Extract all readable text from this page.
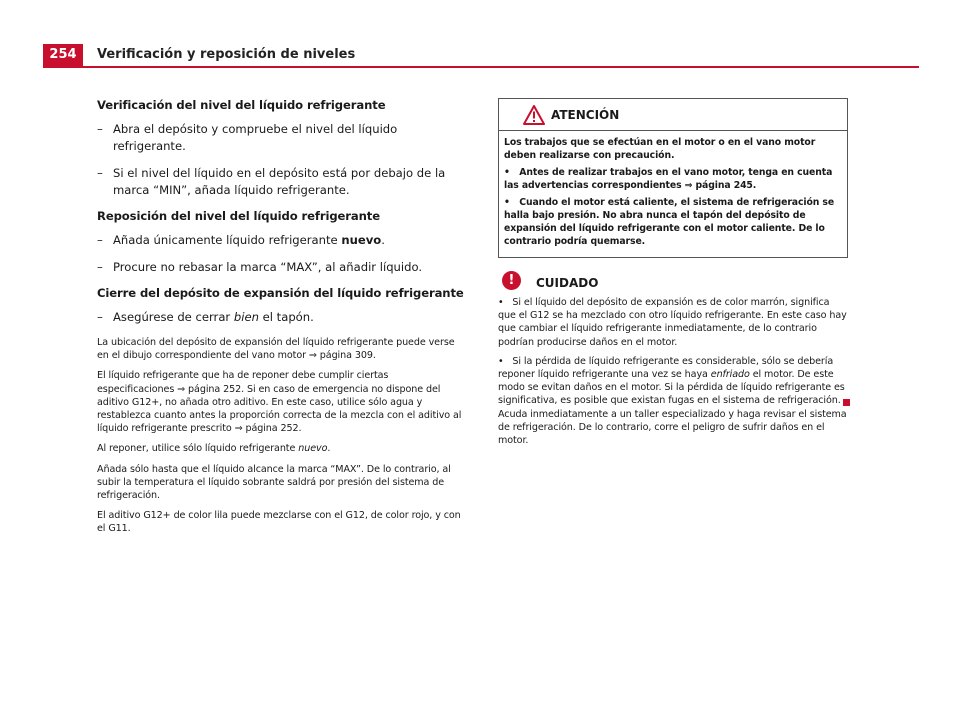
254	Verificación y reposición de niveles
Verificación del nivel del líquido refrigerante
– Abra el depósito y compruebe el nivel del líquido refrigerante.
– Si el nivel del líquido en el depósito está por debajo de la marca “MIN”, añada líquido refrigerante.
Reposición del nivel del líquido refrigerante
– Añada únicamente líquido refrigerante nuevo.
– Procure no rebasar la marca “MAX”, al añadir líquido.
Cierre del depósito de expansión del líquido refrigerante
– Asegúrese de cerrar bien el tapón.

La ubicación del depósito de expansión del líquido refrigerante puede verse en el dibujo correspondiente del vano motor ⇒ página 309.

El líquido refrigerante que ha de reponer debe cumplir ciertas especificaciones ⇒ página 252. Si en caso de emergencia no dispone del aditivo G12+, no añada otro aditivo. En este caso, utilice sólo agua y restablezca cuanto antes la proporción correcta de la mezcla con el aditivo al líquido refrigerante prescrito ⇒ página 252.

Al reponer, utilice sólo líquido refrigerante nuevo.

Añada sólo hasta que el líquido alcance la marca “MAX”. De lo contrario, al subir la temperatura el líquido sobrante saldrá por presión del sistema de refrigeración.

El aditivo G12+ de color lila puede mezclarse con el G12, de color rojo, y con el G11.

ATENCIÓN

Los trabajos que se efectúan en el motor o en el vano motor deben realizarse con precaución.

• Antes de realizar trabajos en el vano motor, tenga en cuenta las advertencias correspondientes ⇒ página 245.

• Cuando el motor está caliente, el sistema de refrigeración se halla bajo presión. No abra nunca el tapón del depósito de expansión del líquido refrigerante con el motor caliente. De lo contrario podría quemarse.

!	CUIDADO

• Si el líquido del depósito de expansión es de color marrón, significa que el G12 se ha mezclado con otro líquido refrigerante. En este caso hay que cambiar el líquido refrigerante inmediatamente, de lo contrario podrían producirse daños en el motor.

• Si la pérdida de líquido refrigerante es considerable, sólo se debería reponer líquido refrigerante una vez se haya enfriado el motor. De este modo se evitan daños en el motor. Si la pérdida de líquido refrigerante es significativa, es posible que existan fugas en el sistema de refrigeración. Acuda inmediatamente a un taller especializado y haga revisar el sistema de refrigeración. De lo contrario, corre el peligro de sufrir daños en el motor.
